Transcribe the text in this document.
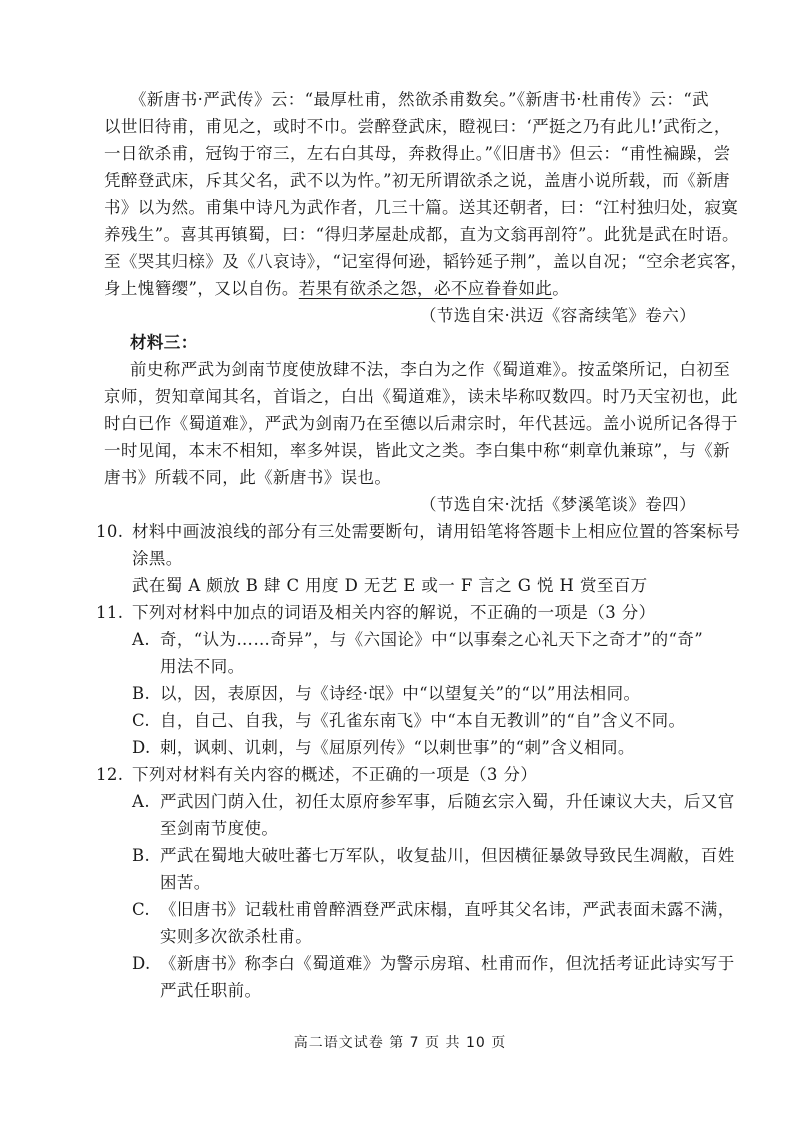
《新唐书·严武传》云：“最厚杜甫，然欲杀甫数矣。”《新唐书·杜甫传》云：“武
以世旧待甫，甫见之，或时不巾。尝醉登武床，瞪视曰：‘严挺之乃有此儿!’武衔之，
一日欲杀甫，冠钩于帘三，左右白其母，奔救得止。”《旧唐书》但云：“甫性褊躁，尝
凭醉登武床，斥其父名，武不以为忤。”初无所谓欲杀之说，盖唐小说所载，而《新唐
书》以为然。甫集中诗凡为武作者，几三十篇。送其还朝者，曰：“江村独归处，寂寞
养残生”。喜其再镇蜀，曰：“得归茅屋赴成都，直为文翁再剖符”。此犹是武在时语。
至《哭其归榇》及《八哀诗》，“记室得何逊，韬钤延子荆”，盖以自况；“空余老宾客，
身上愧簪缨”，又以自伤。若果有欲杀之怨，必不应眷眷如此。
（节选自宋·洪迈《容斋续笔》卷六）
材料三：
前史称严武为剑南节度使放肆不法，李白为之作《蜀道难》。按孟棨所记，白初至
京师，贺知章闻其名，首诣之，白出《蜀道难》，读未毕称叹数四。时乃天宝初也，此
时白已作《蜀道难》，严武为剑南乃在至德以后肃宗时，年代甚远。盖小说所记各得于
一时见闻，本末不相知，率多舛误，皆此文之类。李白集中称“刺章仇兼琼”，与《新
唐书》所载不同，此《新唐书》误也。
（节选自宋·沈括《梦溪笔谈》卷四）
10. 材料中画波浪线的部分有三处需要断句，请用铅笔将答题卡上相应位置的答案标号
涂黑。
武在蜀 A 颇放 B 肆 C 用度 D 无艺 E 或一 F 言之 G 悦 H 赏至百万
11. 下列对材料中加点的词语及相关内容的解说，不正确的一项是（3 分）
A. 奇，“认为……奇异”，与《六国论》中“以事秦之心礼天下之奇才”的“奇”
用法不同。
B. 以，因，表原因，与《诗经·氓》中“以望复关”的“以”用法相同。
C. 自，自己、自我，与《孔雀东南飞》中“本自无教训”的“自”含义不同。
D. 刺，讽刺、讥刺，与《屈原列传》“以刺世事”的“刺”含义相同。
12. 下列对材料有关内容的概述，不正确的一项是（3 分）
A. 严武因门荫入仕，初任太原府参军事，后随玄宗入蜀，升任谏议大夫，后又官
至剑南节度使。
B. 严武在蜀地大破吐蕃七万军队，收复盐川，但因横征暴敛导致民生凋敝，百姓
困苦。
C. 《旧唐书》记载杜甫曾醉酒登严武床榻，直呼其父名讳，严武表面未露不满，
实则多次欲杀杜甫。
D. 《新唐书》称李白《蜀道难》为警示房琯、杜甫而作，但沈括考证此诗实写于
严武任职前。
高二语文试卷 第 7 页 共 10 页
